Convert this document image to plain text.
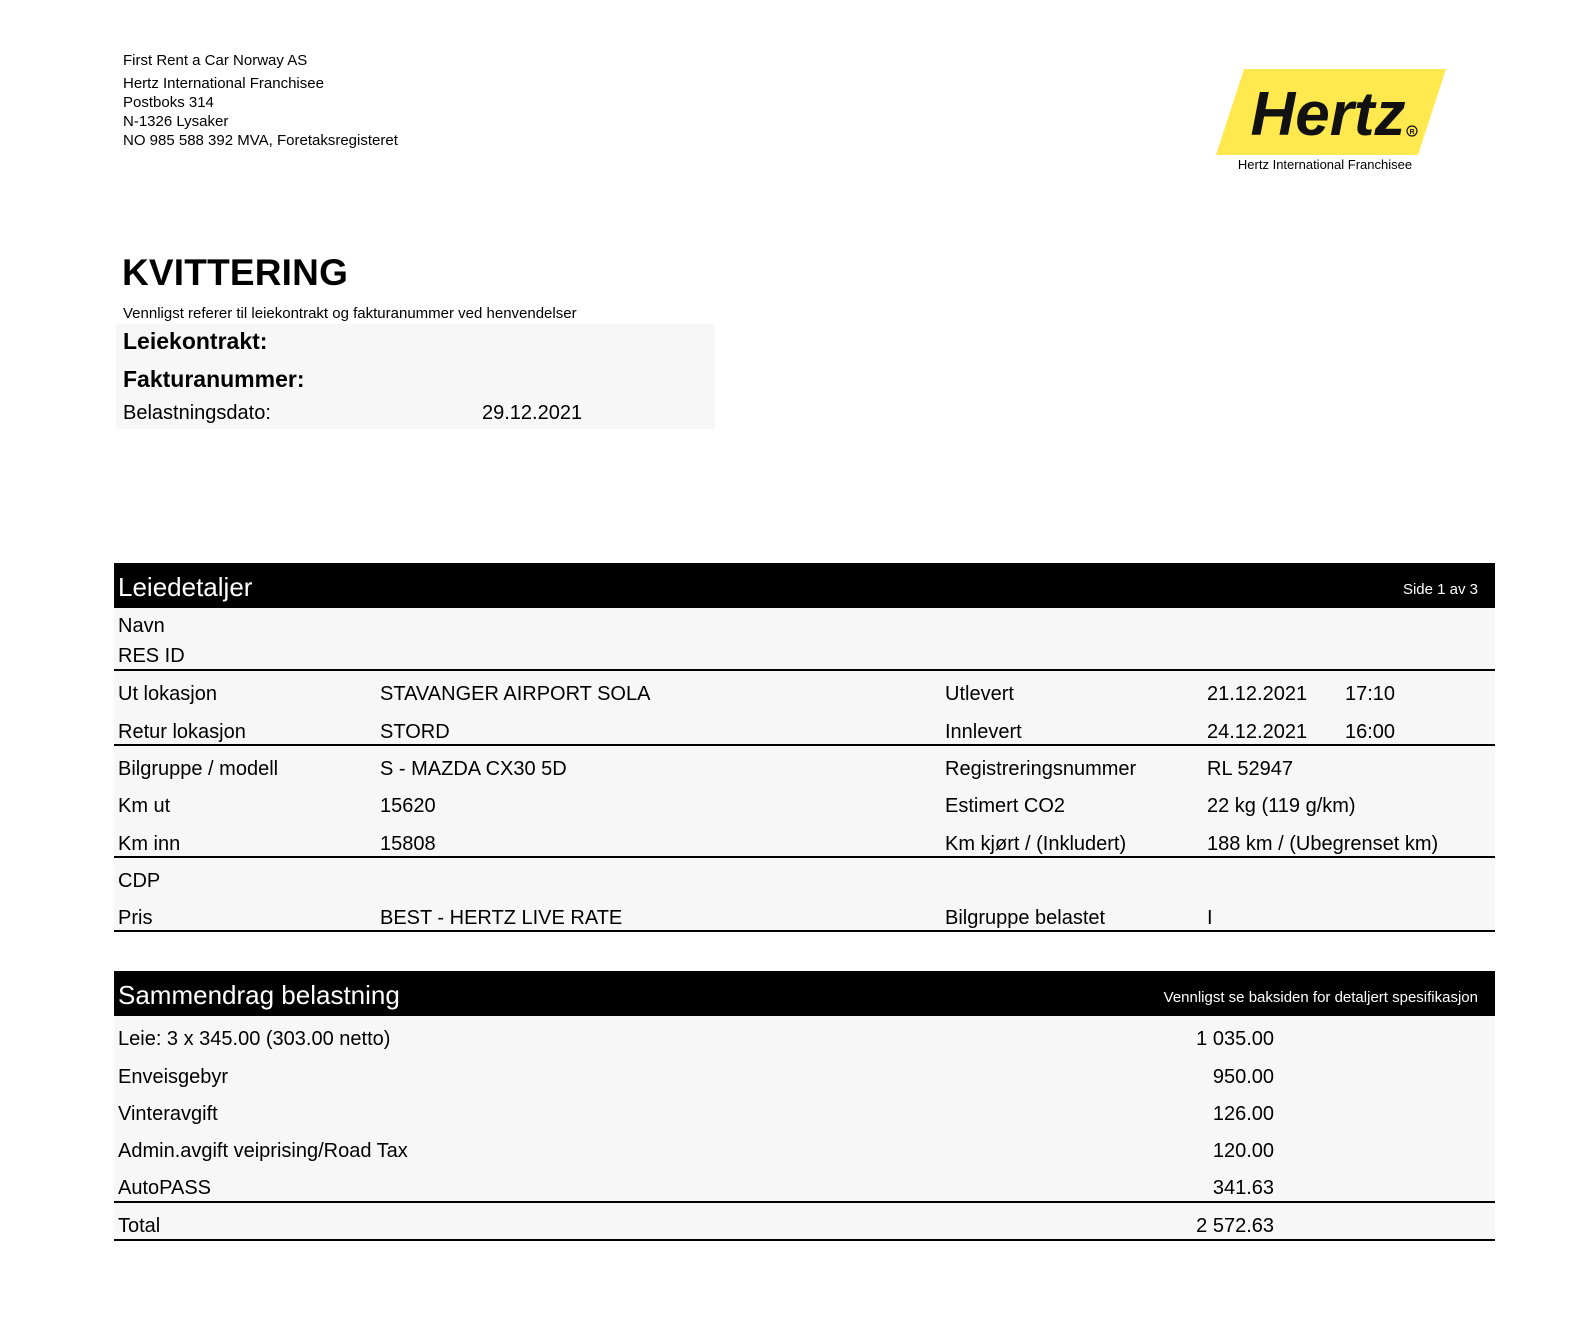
First Rent a Car Norway AS
Hertz International Franchisee
Postboks 314
N-1326 Lysaker
NO 985 588 392 MVA, Foretaksregisteret	Hertz R
Hertz International Franchisee
KVITTERING
Vennligst referer til leiekontrakt og fakturanummer ved henvendelser
Leiekontrakt:
Fakturanummer:
Belastningsdato:	29.12.2021
Leiedetaljer	Side 1 av 3
Navn
RES ID
Ut lokasjon	STAVANGER AIRPORT SOLA	Utlevert	21.12.2021 17:10
Retur lokasjon	STORD	Innlevert	24.12.2021 16:00
Bilgruppe / modell	S - MAZDA CX30 5D	Registreringsnummer	RL 52947
Km ut	15620	Estimert CO2	22 kg (119 g/km)
Km inn	15808	Km kjørt / (Inkludert)	188 km / (Ubegrenset km)
CDP
Pris	BEST - HERTZ LIVE RATE	Bilgruppe belastet	I
Sammendrag belastning	Vennligst se baksiden for detaljert spesifikasjon
Leie: 3 x 345.00 (303.00 netto)	1 035.00
Enveisgebyr	950.00
Vinteravgift	126.00
Admin.avgift veiprising/Road Tax	120.00
AutoPASS	341.63
Total	2 572.63
